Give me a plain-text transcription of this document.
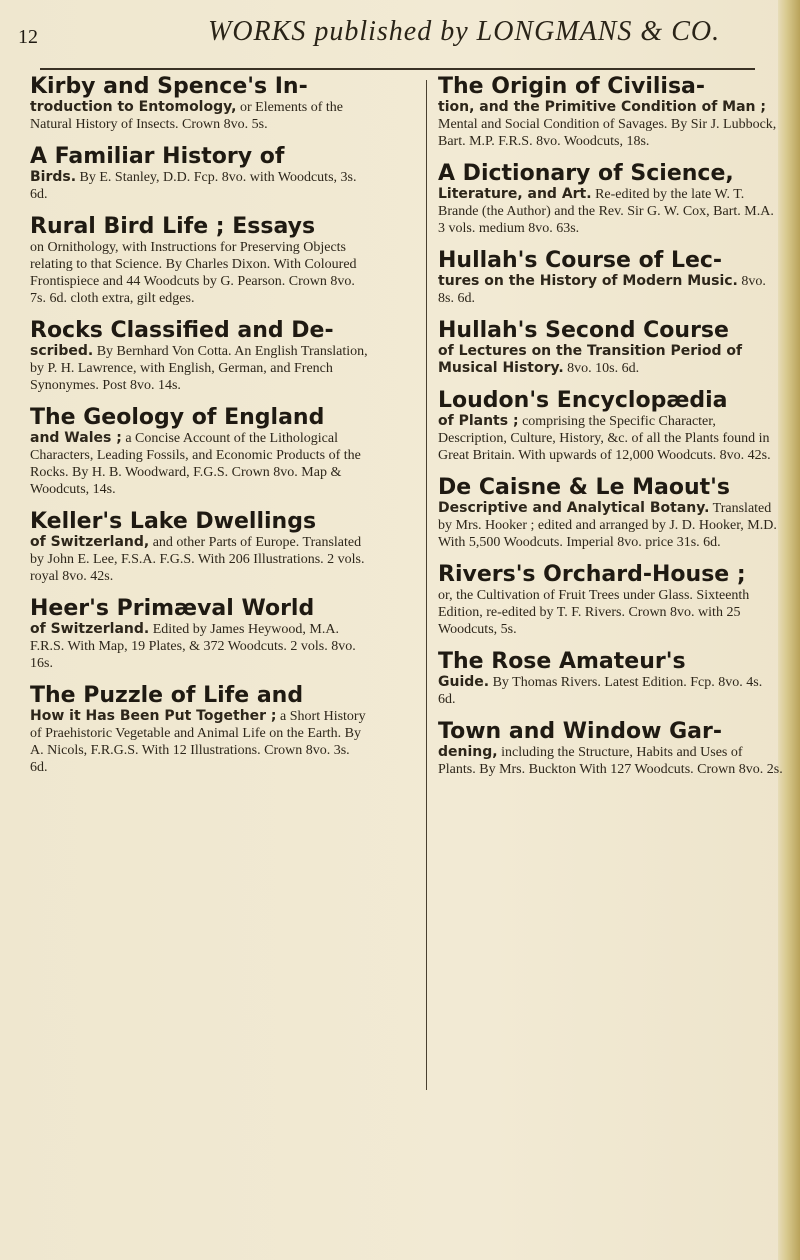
12	WORKS published by LONGMANS & CO.

Kirby and Spence's In-

troduction to Entomology, or Elements of the Natural History of Insects. Crown 8vo. 5s.

A Familiar History of

Birds. By E. Stanley, D.D. Fcp. 8vo. with Woodcuts, 3s. 6d.

Rural Bird Life ; Essays

on Ornithology, with Instructions for Preserving Objects relating to that Science. By Charles Dixon. With Coloured Frontispiece and 44 Woodcuts by G. Pearson. Crown 8vo. 7s. 6d. cloth extra, gilt edges.

Rocks Classified and De-

scribed. By Bernhard Von Cotta. An English Translation, by P. H. Lawrence, with English, German, and French Synonymes. Post 8vo. 14s.

The Geology of England

and Wales ; a Concise Account of the Lithological Characters, Leading Fossils, and Economic Products of the Rocks. By H. B. Woodward, F.G.S. Crown 8vo. Map & Woodcuts, 14s.

Keller's Lake Dwellings

of Switzerland, and other Parts of Europe. Translated by John E. Lee, F.S.A. F.G.S. With 206 Illustrations. 2 vols. royal 8vo. 42s.

Heer's Primæval World

of Switzerland. Edited by James Heywood, M.A. F.R.S. With Map, 19 Plates, & 372 Woodcuts. 2 vols. 8vo. 16s.

The Puzzle of Life and

How it Has Been Put Together ; a Short History of Praehistoric Vegetable and Animal Life on the Earth. By A. Nicols, F.R.G.S. With 12 Illustrations. Crown 8vo. 3s. 6d.

The Origin of Civilisa-

tion, and the Primitive Condition of Man ; Mental and Social Condition of Savages. By Sir J. Lubbock, Bart. M.P. F.R.S. 8vo. Woodcuts, 18s.

A Dictionary of Science,

Literature, and Art. Re-edited by the late W. T. Brande (the Author) and the Rev. Sir G. W. Cox, Bart. M.A. 3 vols. medium 8vo. 63s.

Hullah's Course of Lec-

tures on the History of Modern Music. 8vo. 8s. 6d.

Hullah's Second Course

of Lectures on the Transition Period of Musical History. 8vo. 10s. 6d.

Loudon's Encyclopædia

of Plants ; comprising the Specific Character, Description, Culture, History, &c. of all the Plants found in Great Britain. With upwards of 12,000 Woodcuts. 8vo. 42s.

De Caisne & Le Maout's

Descriptive and Analytical Botany. Translated by Mrs. Hooker ; edited and arranged by J. D. Hooker, M.D. With 5,500 Woodcuts. Imperial 8vo. price 31s. 6d.

Rivers's Orchard-House ;

or, the Cultivation of Fruit Trees under Glass. Sixteenth Edition, re-edited by T. F. Rivers. Crown 8vo. with 25 Woodcuts, 5s.

The Rose Amateur's

Guide. By Thomas Rivers. Latest Edition. Fcp. 8vo. 4s. 6d.

Town and Window Gar-

dening, including the Structure, Habits and Uses of Plants. By Mrs. Buckton With 127 Woodcuts. Crown 8vo. 2s.
